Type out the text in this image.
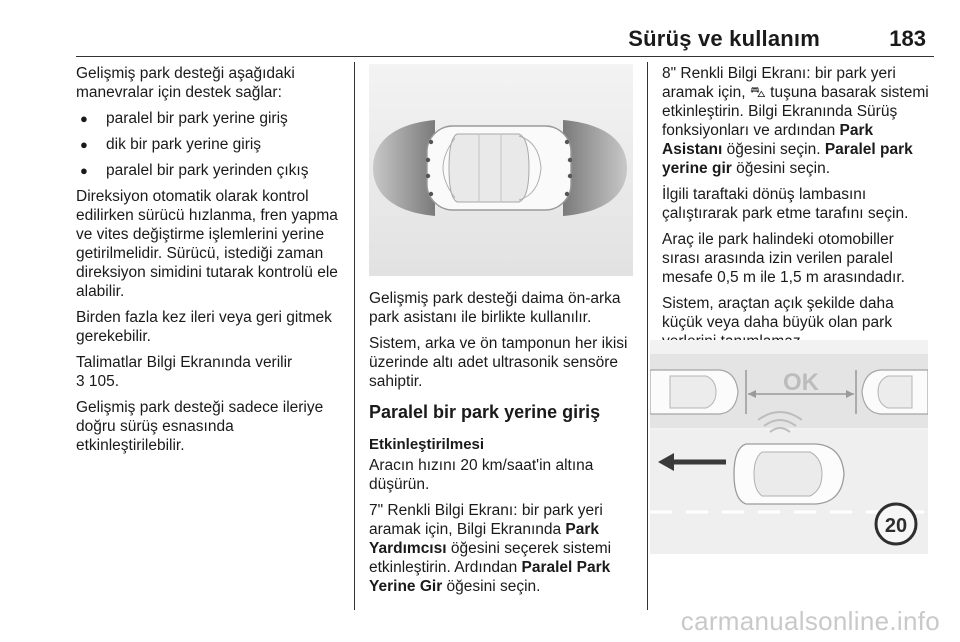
Sürüş ve kullanım	183

Gelişmiş park desteği aşağıdaki manevralar için destek sağlar:

● paralel bir park yerine giriş
● dik bir park yerine giriş
● paralel bir park yerinden çıkış

Direksiyon otomatik olarak kontrol edilirken sürücü hızlanma, fren yapma ve vites değiştirme işlemlerini yerine getirilmelidir. Sürücü, istediği zaman direksiyon simidini tutarak kontrolü ele alabilir.

Birden fazla kez ileri veya geri gitmek gerekebilir.

Talimatlar Bilgi Ekranında verilir
3 105.

Gelişmiş park desteği sadece ileriye doğru sürüş esnasında etkinleştirilebilir.

Gelişmiş park desteği daima ön-arka park asistanı ile birlikte kullanılır.

Sistem, arka ve ön tamponun her ikisi üzerinde altı adet ultrasonik sensöre sahiptir.

Paralel bir park yerine giriş
Etkinleştirilmesi

Aracın hızını 20 km/saat'in altına düşürün.

7" Renkli Bilgi Ekranı: bir park yeri aramak için, Bilgi Ekranında Park Yardımcısı öğesini seçerek sistemi etkinleştirin. Ardından Paralel Park Yerine Gir öğesini seçin.

8" Renkli Bilgi Ekranı: bir park yeri aramak için, ⛍ tuşuna basarak sistemi etkinleştirin. Bilgi Ekranında Sürüş fonksiyonları ve ardından Park Asistanı öğesini seçin. Paralel park yerine gir öğesini seçin.

İlgili taraftaki dönüş lambasını çalıştırarak park etme tarafını seçin.

Araç ile park halindeki otomobiller sırası arasında izin verilen paralel mesafe 0,5 m ile 1,5 m arasındadır.

Sistem, araçtan açık şekilde daha küçük veya daha büyük olan park

OK
20
carmanualsonline.info
